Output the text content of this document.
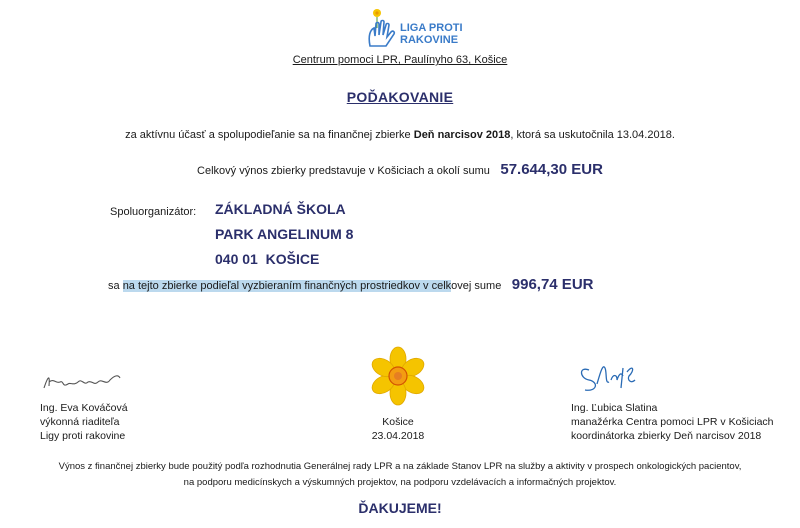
LIGA PROTI
RAKOVINE
Centrum pomoci LPR, Paulínyho 63, Košice
POĎAKOVANIE
za aktívnu účasť a spolupodieľanie sa na finančnej zbierke Deň narcisov 2018, ktorá sa uskutočnila 13.04.2018.
Celkový výnos zbierky predstavuje v Košiciach a okolí sumu 57.644,30 EUR
Spoluorganizátor: ZÁKLADNÁ ŠKOLA
PARK ANGELINUM 8
040 01  KOŠICE
sa na tejto zbierke podieľal vyzbieraním finančných prostriedkov v celkovej sume 996,74 EUR
Ing. Eva Kováčová
výkonná riaditeľa
Ligy proti rakovine
Košice
23.04.2018
Ing. Ľubica Slatina
manažérka Centra pomoci LPR v Košiciach
koordinátorka zbierky Deň narcisov 2018
Výnos z finančnej zbierky bude použitý podľa rozhodnutia Generálnej rady LPR a na základe Stanov LPR na služby a aktivity v prospech onkologických pacientov,
na podporu medicínskych a výskumných projektov, na podporu vzdelávacích a informačných projektov.
ĎAKUJEME!
